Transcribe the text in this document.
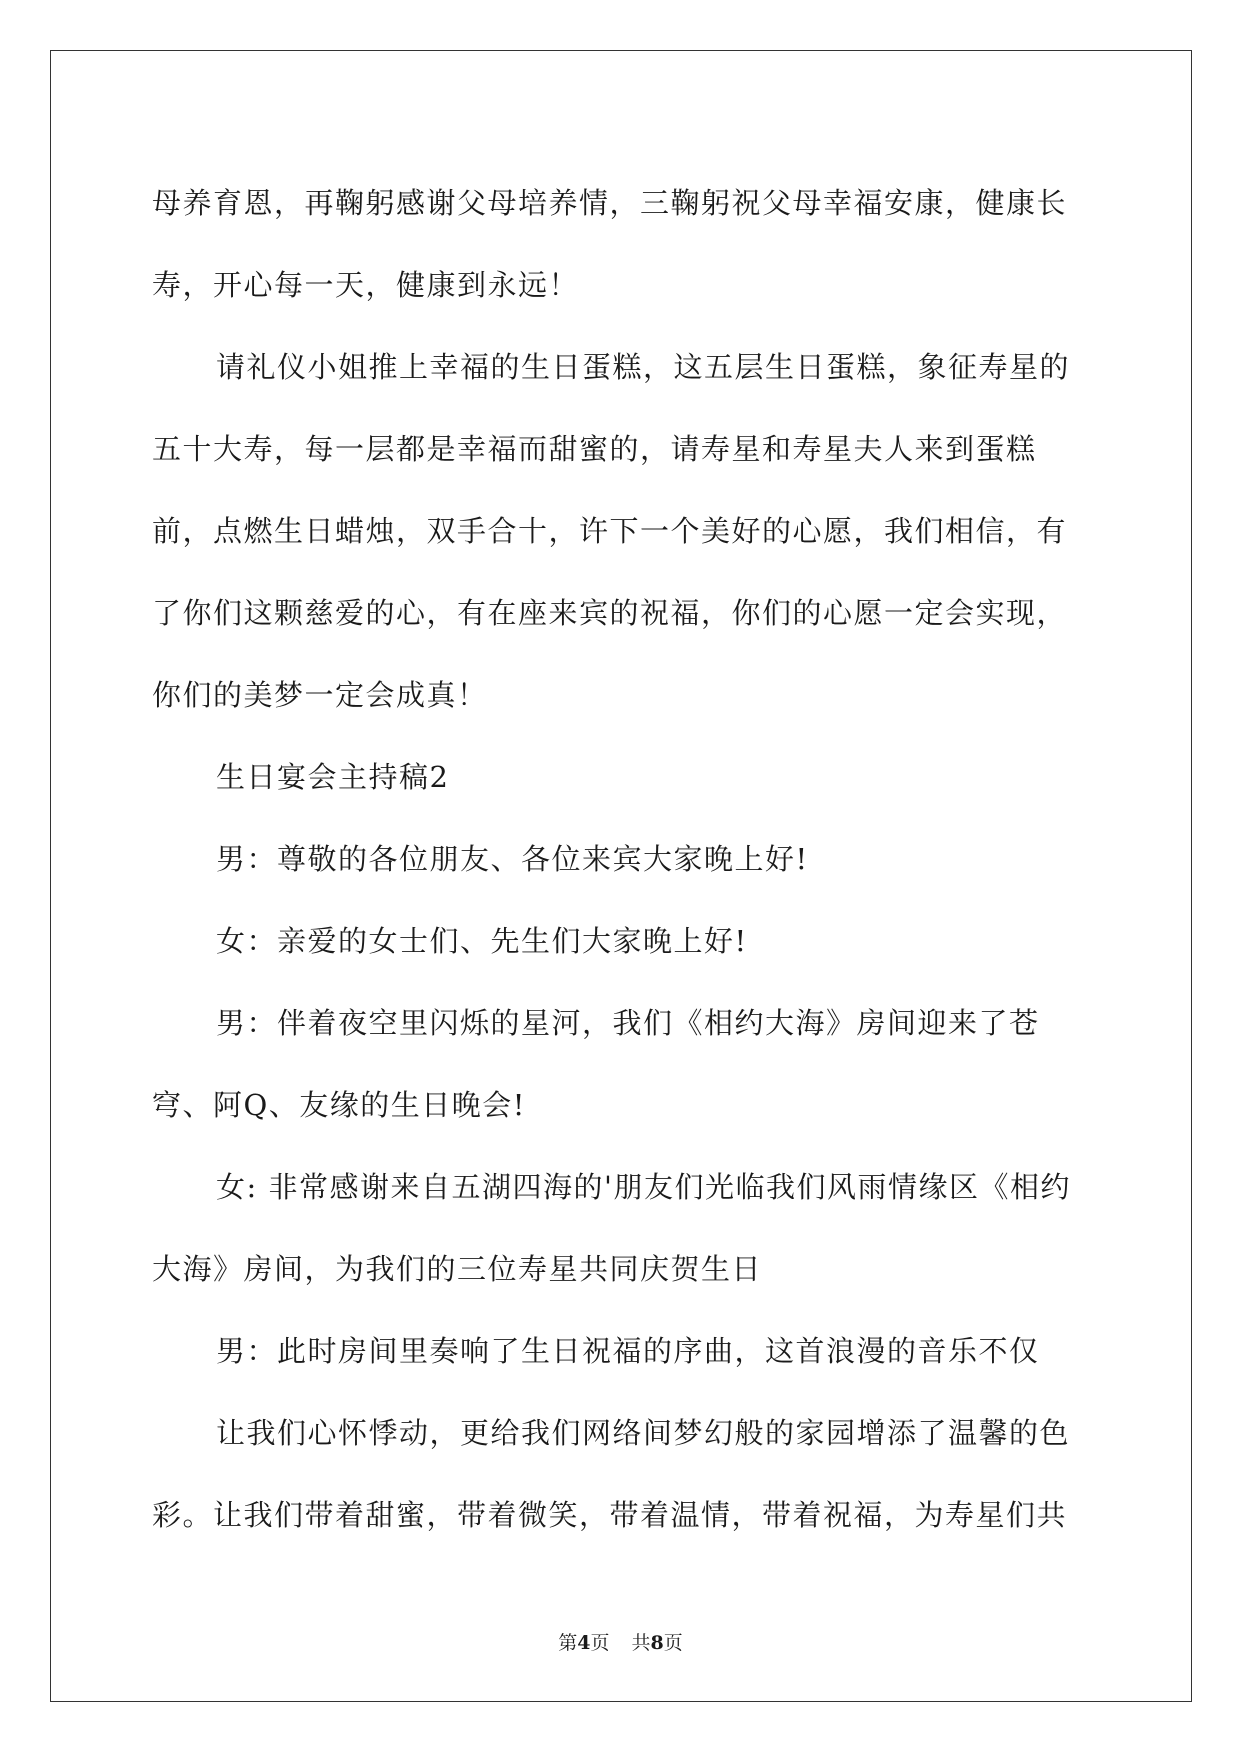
母养育恩，再鞠躬感谢父母培养情，三鞠躬祝父母幸福安康，健康长寿，开心每一天，健康到永远！

请礼仪小姐推上幸福的生日蛋糕，这五层生日蛋糕，象征寿星的五十大寿，每一层都是幸福而甜蜜的，请寿星和寿星夫人来到蛋糕前，点燃生日蜡烛，双手合十，许下一个美好的心愿，我们相信，有了你们这颗慈爱的心，有在座来宾的祝福，你们的心愿一定会实现，你们的美梦一定会成真！

生日宴会主持稿2

男：尊敬的各位朋友、各位来宾大家晚上好!

女：亲爱的女士们、先生们大家晚上好!

男：伴着夜空里闪烁的星河，我们《相约大海》房间迎来了苍穹、阿Q、友缘的生日晚会!

女: 非常感谢来自五湖四海的'朋友们光临我们风雨情缘区《相约大海》房间，为我们的三位寿星共同庆贺生日

男：此时房间里奏响了生日祝福的序曲，这首浪漫的音乐不仅

让我们心怀悸动，更给我们网络间梦幻般的家园增添了温馨的色彩。让我们带着甜蜜，带着微笑，带着温情，带着祝福，为寿星们共

第4页 共8页
